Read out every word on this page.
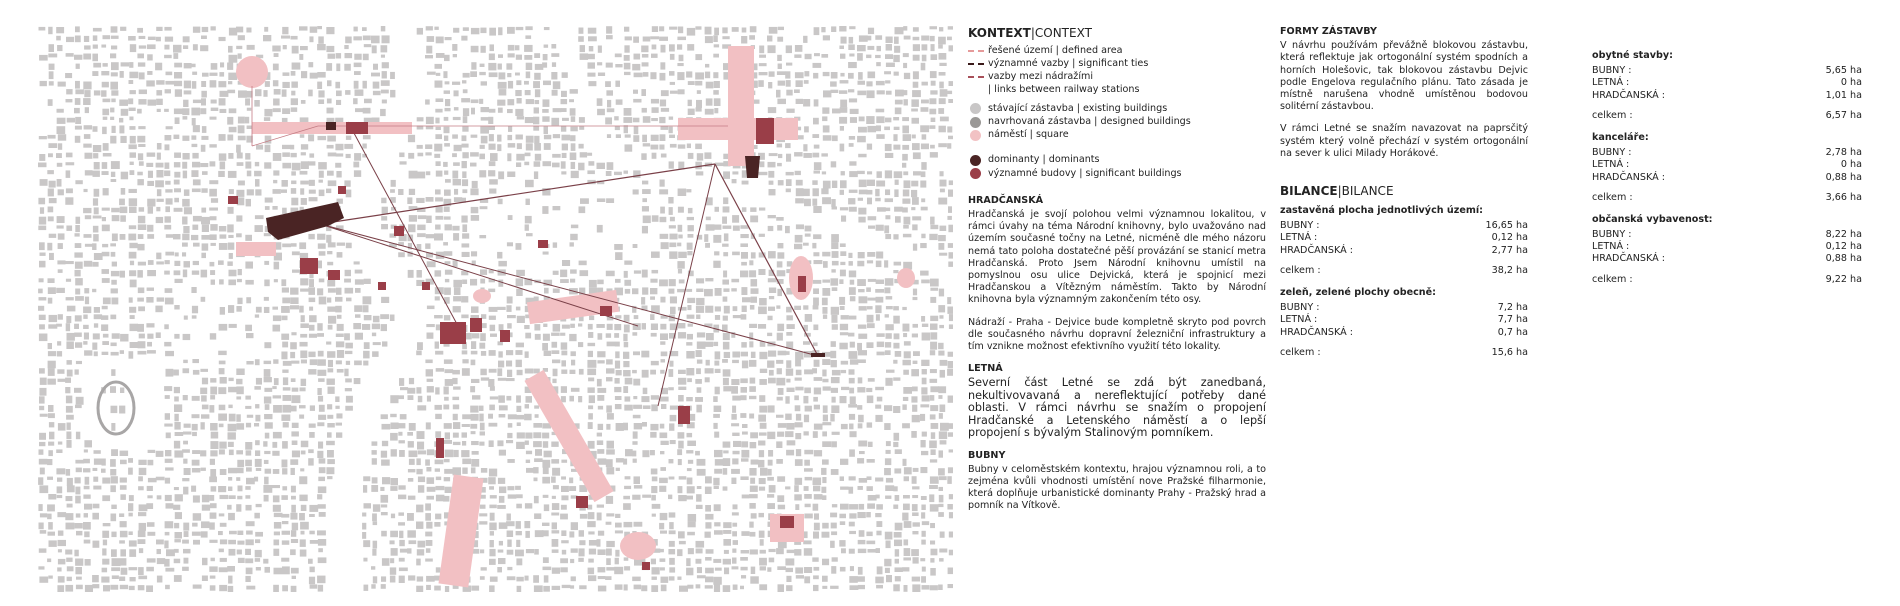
KONTEXT|CONTEXT
řešené území | defined area
významné vazby | significant ties
vazby mezi nádražími
| links between railway stations
stávající zástavba | existing buildings
navrhovaná zástavba | designed buildings
náměstí | square
dominanty | dominants
významné budovy | significant buildings
HRADČANSKÁ

Hradčanská je svojí polohou velmi významnou lokalitou, v rámci úvahy na téma Národní knihovny, bylo uvažováno nad územím současné točny na Letné, nicméně dle mého názoru nemá tato poloha dostatečné pěší provázání se stanicí metra Hradčanská. Proto Jsem Národní knihovnu umístil na pomyslnou osu ulice Dejvická, která je spojnicí mezi Hradčanskou a Vítězným náměstím. Takto by Národní knihovna byla významným zakončením této osy.

Nádraží - Praha - Dejvice bude kompletně skryto pod povrch dle současného návrhu dopravní železniční infrastruktury a tím vznikne možnost efektivního využití této lokality.

LETNÁ

Severní část Letné se zdá být zanedbaná, nekultivovavaná a nereflektující potřeby dané oblasti. V rámci návrhu se snažím o propojení Hradčanské a Letenského náměstí a o lepší propojení s bývalým Stalinovým pomníkem.

BUBNY

Bubny v celoměstském kontextu, hrajou významnou roli, a to zejména kvůli vhodnosti umístění nove Pražské filharmonie, která doplňuje urbanistické dominanty Prahy - Pražský hrad a pomník na Vítkově.

FORMY ZÁSTAVBY

V návrhu používám převážně blokovou zástavbu, která reflektuje jak ortogonální systém spodních a horních Holešovic, tak blokovou zástavbu Dejvic podle Engelova regulačního plánu. Tato zásada je místně narušena vhodně umístěnou bodovou solitérní zástavbou.

V rámci Letné se snažím navazovat na paprsčitý systém který volně přechází v systém ortogonální na sever k ulici Milady Horákové.

BILANCE|BILANCE
zastavěná plocha jednotlivých území:
BUBNY :	16,65 ha
LETNÁ :	0,12 ha
HRADČANSKÁ :	2,77 ha
celkem :	38,2 ha
zeleň, zelené plochy obecně:
BUBNY :	7,2 ha
LETNÁ :	7,7 ha
HRADČANSKÁ :	0,7 ha
celkem :	15,6 ha
obytné stavby:
BUBNY :	5,65 ha
LETNÁ :	0 ha
HRADČANSKÁ :	1,01 ha
celkem :	6,57 ha
kanceláře:
BUBNY :	2,78 ha
LETNÁ :	0 ha
HRADČANSKÁ :	0,88 ha
celkem :	3,66 ha
občanská vybavenost:
BUBNY :	8,22 ha
LETNÁ :	0,12 ha
HRADČANSKÁ :	0,88 ha
celkem :	9,22 ha
